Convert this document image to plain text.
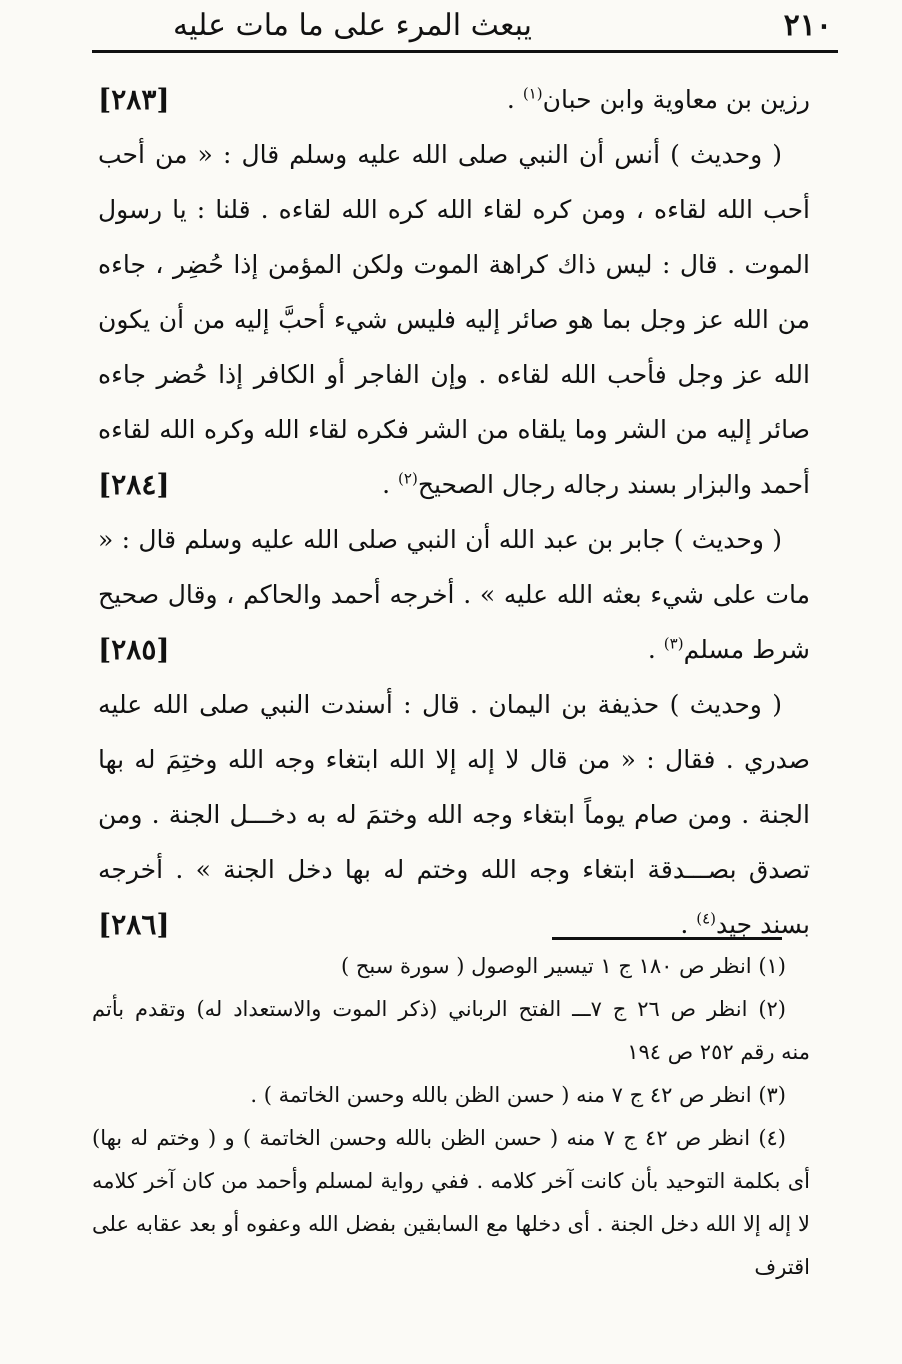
٢١٠
يبعث المرء على ما مات عليه
رزين بن معاوية وابن حبان$^{(١)}$ .
[٢٨٣]
( وحديث ) أنس أن النبي صلى الله عليه وسلم قال : « من أحب
أحب الله لقاءه ، ومن كره لقاء الله كره الله لقاءه . قلنا : يا رسول
الموت . قال : ليس ذاك كراهة الموت ولكن المؤمن إذا حُضِر ، جاءه
من الله عز وجل بما هو صائر إليه فليس شيء أحبَّ إليه من أن يكون
الله عز وجل فأحب الله لقاءه . وإن الفاجر أو الكافر إذا حُضر جاءه
صائر إليه من الشر وما يلقاه من الشر فكره لقاء الله وكره الله لقاءه
أحمد والبزار بسند رجاله رجال الصحيح$^{(٢)}$ .
[٢٨٤]
( وحديث ) جابر بن عبد الله أن النبي صلى الله عليه وسلم قال : «
مات على شيء بعثه الله عليه » . أخرجه أحمد والحاكم ، وقال صحيح
شرط مسلم$^{(٣)}$ .
[٢٨٥]
( وحديث ) حذيفة بن اليمان . قال : أسندت النبي صلى الله عليه
صدري . فقال : « من قال لا إله إلا الله ابتغاء وجه الله وختِمَ له بها
الجنة . ومن صام يوماً ابتغاء وجه الله وختمَ له به دخـــل الجنة . ومن
تصدق بصـــدقة ابتغاء وجه الله وختم له بها دخل الجنة » . أخرجه
بسند جيد$^{(٤)}$ .
[٢٨٦]
(١) انظر ص ١٨٠ ج ١ تيسير الوصول ( سورة سبح )
(٢) انظر ص ٢٦ ج ٧ـــ الفتح الرباني (ذكر الموت والاستعداد له) وتقدم بأتم
منه رقم ٢٥٢ ص ١٩٤
(٣) انظر ص ٤٢ ج ٧ منه ( حسن الظن بالله وحسن الخاتمة ) .
(٤) انظر ص ٤٢ ج ٧ منه ( حسن الظن بالله وحسن الخاتمة ) و ( وختم له بها)
أى بكلمة التوحيد بأن كانت آخر كلامه . ففي رواية لمسلم وأحمد من كان آخر كلامه
لا إله إلا الله دخل الجنة . أى دخلها مع السابقين بفضل الله وعفوه أو بعد عقابه على
اقترف
